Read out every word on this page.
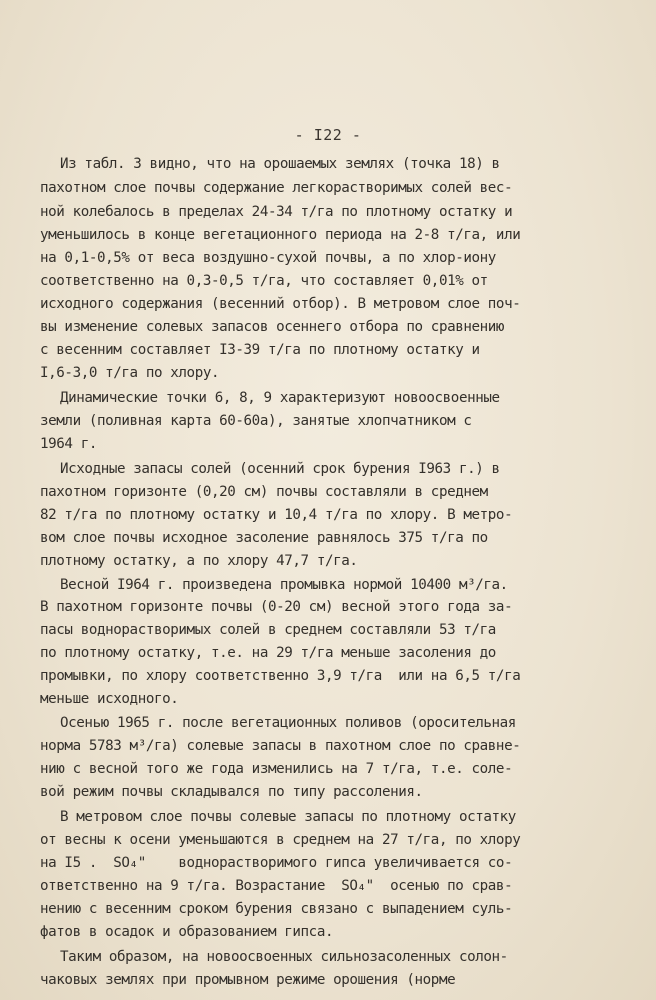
- I22 -
Из табл. 3 видно, что на орошаемых землях (точка 18) в
пахотном слое почвы содержание легкорастворимых солей вес-
ной колебалось в пределах 24-34 т/га по плотному остатку и
уменьшилось в конце вегетационного периода на 2-8 т/га, или
на 0,1-0,5% от веса воздушно-сухой почвы, а по хлор-иону
соответственно на 0,3-0,5 т/га, что составляет 0,01% от
исходного содержания (весенний отбор). В метровом слое поч-
вы изменение солевых запасов осеннего отбора по сравнению
с весенним составляет I3-39 т/га по плотному остатку и
I,6-3,0 т/га по хлору.
Динамические точки 6, 8, 9 характеризуют новоосвоенные
земли (поливная карта 60-60а), занятые хлопчатником с
1964 г.
Исходные запасы солей (осенний срок бурения I963 г.) в
пахотном горизонте (0,20 см) почвы составляли в среднем
82 т/га по плотному остатку и 10,4 т/га по хлору. В метро-
вом слое почвы исходное засоление равнялось 375 т/га по
плотному остатку, а по хлору 47,7 т/га.
Весной I964 г. произведена промывка нормой 10400 м³/га.
В пахотном горизонте почвы (0-20 см) весной этого года за-
пасы воднорастворимых солей в среднем составляли 53 т/га
по плотному остатку, т.е. на 29 т/га меньше засоления до
промывки, по хлору соответственно 3,9 т/га  или на 6,5 т/га
меньше исходного.
Осенью 1965 г. после вегетационных поливов (оросительная
норма 5783 м³/га) солевые запасы в пахотном слое по сравне-
нию с весной того же года изменились на 7 т/га, т.е. соле-
вой режим почвы складывался по типу рассоления.
В метровом слое почвы солевые запасы по плотному остатку
от весны к осени уменьшаются в среднем на 27 т/га, по хлору
на I5 .  SO₄"    воднорастворимого гипса увеличивается со-
ответственно на 9 т/га. Возрастание  SO₄"  осенью по срав-
нению с весенним сроком бурения связано с выпадением суль-
фатов в осадок и образованием гипса.
Таким образом, на новоосвоенных сильнозасоленных солон-
чаковых землях при промывном режиме орошения (норме
